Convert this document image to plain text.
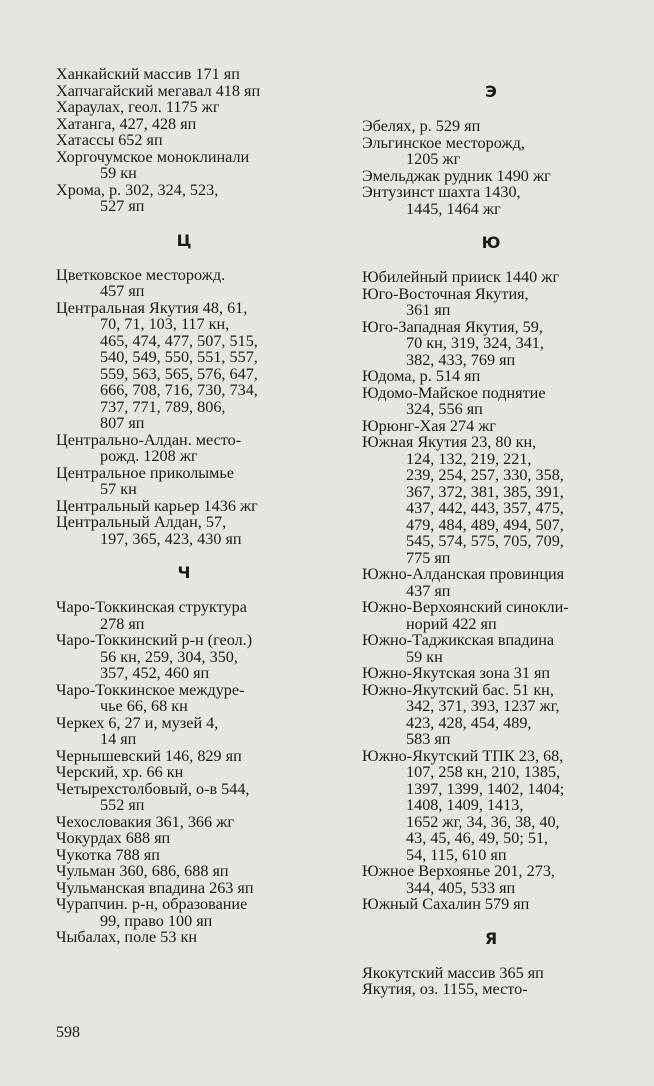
Ханкайский массив 171 яп
Хапчагайский мегавал 418 яп
Хараулах, геол. 1175 жг
Хатанга, 427, 428 яп
Хатассы 652 яп
Хоргочумское моноклинали
59 кн
Хрома, р. 302, 324, 523,
527 яп
Ц
Цветковское месторожд.
457 яп
Центральная Якутия 48, 61,
70, 71, 103, 117 кн,
465, 474, 477, 507, 515,
540, 549, 550, 551, 557,
559, 563, 565, 576, 647,
666, 708, 716, 730, 734,
737, 771, 789, 806,
807 яп
Центрально-Алдан. место-
рожд. 1208 жг
Центральное приколымье
57 кн
Центральный карьер 1436 жг
Центральный Алдан, 57,
197, 365, 423, 430 яп
Ч
Чаро-Токкинская структура
278 яп
Чаро-Токкинский р-н (геол.)
56 кн, 259, 304, 350,
357, 452, 460 яп
Чаро-Токкинское междуре-
чье 66, 68 кн
Черкех 6, 27 и, музей 4,
14 яп
Чернышевский 146, 829 яп
Черский, хр. 66 кн
Четырехстолбовый, о-в 544,
552 яп
Чехословакия 361, 366 жг
Чокурдах 688 яп
Чукотка 788 яп
Чульман 360, 686, 688 яп
Чульманская впадина 263 яп
Чурапчин. р-н, образование
99, право 100 яп
Чыбалах, поле 53 кн
Э
Эбелях, р. 529 яп
Эльгинское месторожд,
1205 жг
Эмельджак рудник 1490 жг
Энтузинст шахта 1430,
1445, 1464 жг
Ю
Юбилейный прииск 1440 жг
Юго-Восточная Якутия,
361 яп
Юго-Западная Якутия, 59,
70 кн, 319, 324, 341,
382, 433, 769 яп
Юдома, р. 514 яп
Юдомо-Майское поднятие
324, 556 яп
Юрюнг-Хая 274 жг
Южная Якутия 23, 80 кн,
124, 132, 219, 221,
239, 254, 257, 330, 358,
367, 372, 381, 385, 391,
437, 442, 443, 357, 475,
479, 484, 489, 494, 507,
545, 574, 575, 705, 709,
775 яп
Южно-Алданская провинция
437 яп
Южно-Верхоянский синокли-
норий 422 яп
Южно-Таджикская впадина
59 кн
Южно-Якутская зона 31 яп
Южно-Якутский бас. 51 кн,
342, 371, 393, 1237 жг,
423, 428, 454, 489,
583 яп
Южно-Якутский ТПК 23, 68,
107, 258 кн, 210, 1385,
1397, 1399, 1402, 1404;
1408, 1409, 1413,
1652 жг, 34, 36, 38, 40,
43, 45, 46, 49, 50; 51,
54, 115, 610 яп
Южное Верхоянье 201, 273,
344, 405, 533 яп
Южный Сахалин 579 яп
Я
Якокутский массив 365 яп
Якутия, оз. 1155, место-
598
